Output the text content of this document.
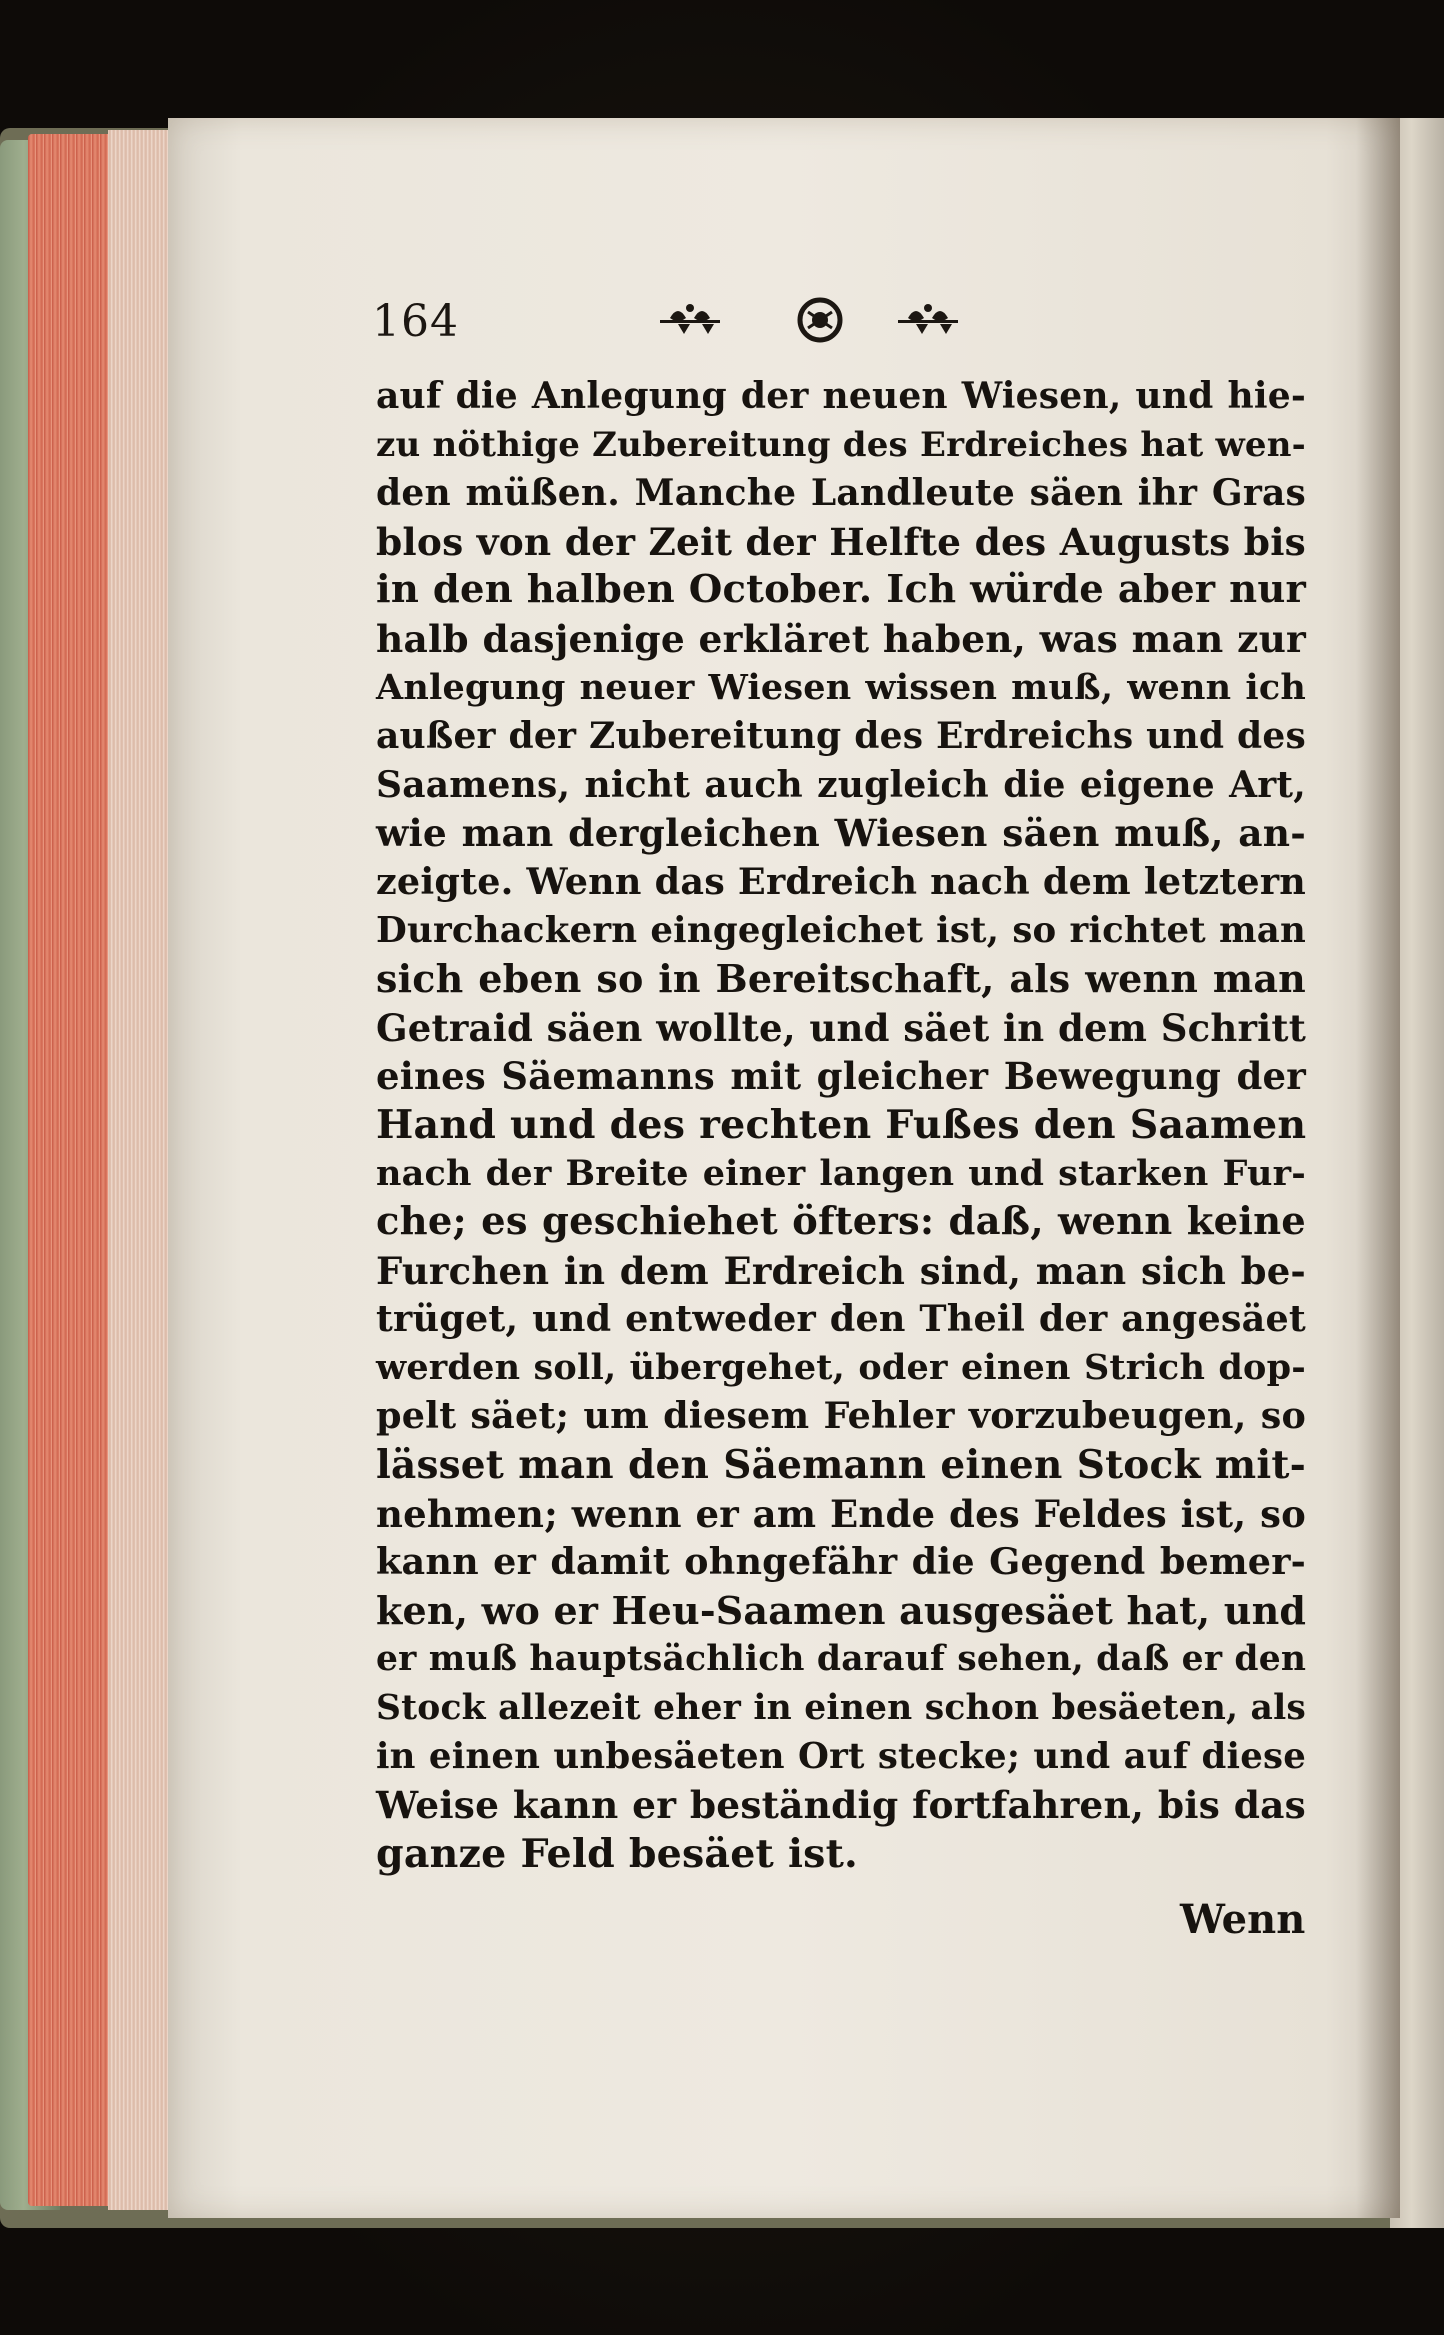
164
auf die Anlegung der neuen Wiesen, und hie-
zu nöthige Zubereitung des Erdreiches hat wen-
den müßen. Manche Landleute säen ihr Gras
blos von der Zeit der Helfte des Augusts bis
in den halben October. Ich würde aber nur
halb dasjenige erkläret haben, was man zur
Anlegung neuer Wiesen wissen muß, wenn ich
außer der Zubereitung des Erdreichs und des
Saamens, nicht auch zugleich die eigene Art,
wie man dergleichen Wiesen säen muß, an-
zeigte. Wenn das Erdreich nach dem letztern
Durchackern eingegleichet ist, so richtet man
sich eben so in Bereitschaft, als wenn man
Getraid säen wollte, und säet in dem Schritt
eines Säemanns mit gleicher Bewegung der
Hand und des rechten Fußes den Saamen
nach der Breite einer langen und starken Fur-
che; es geschiehet öfters: daß, wenn keine
Furchen in dem Erdreich sind, man sich be-
trüget, und entweder den Theil der angesäet
werden soll, übergehet, oder einen Strich dop-
pelt säet; um diesem Fehler vorzubeugen, so
lässet man den Säemann einen Stock mit-
nehmen; wenn er am Ende des Feldes ist, so
kann er damit ohngefähr die Gegend bemer-
ken, wo er Heu-Saamen ausgesäet hat, und
er muß hauptsächlich darauf sehen, daß er den
Stock allezeit eher in einen schon besäeten, als
in einen unbesäeten Ort stecke; und auf diese
Weise kann er beständig fortfahren, bis das
ganze Feld besäet ist.
Wenn
